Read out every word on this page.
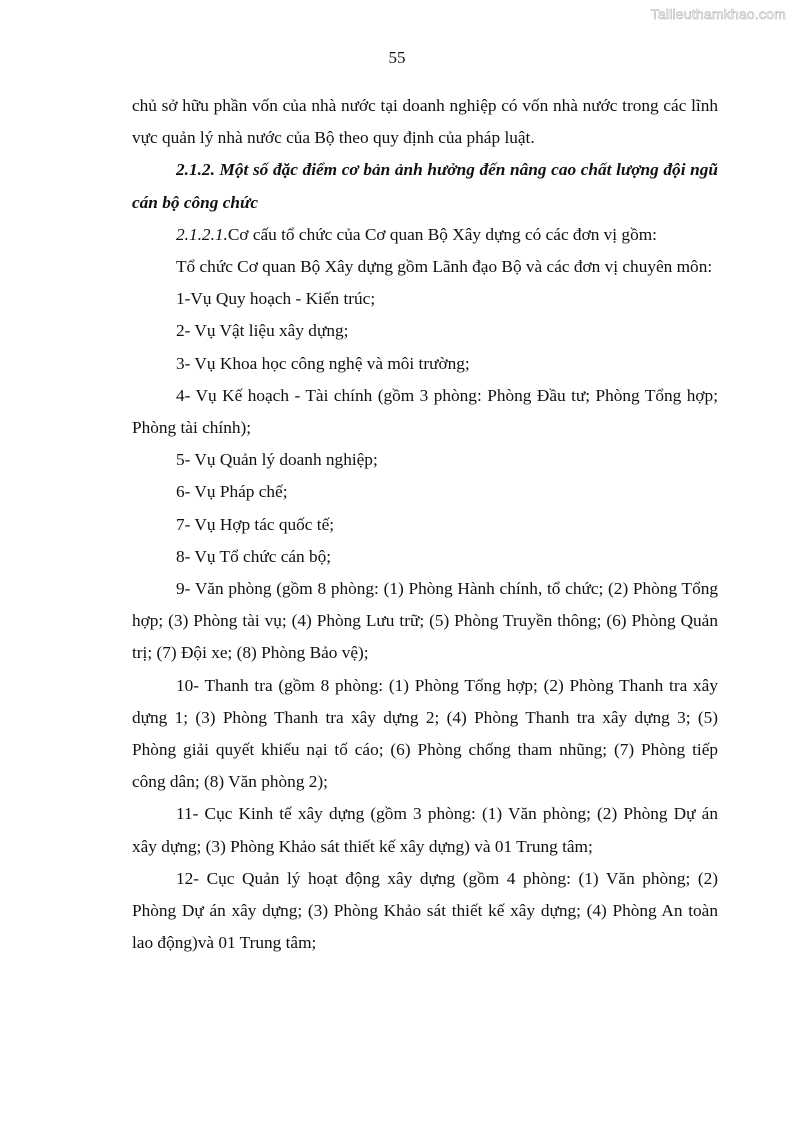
Tailieuthamkhao.com
55

chủ sở hữu phần vốn của nhà nước tại doanh nghiệp có vốn nhà nước trong các lĩnh vực quản lý nhà nước của Bộ theo quy định của pháp luật.

2.1.2. Một số đặc điểm cơ bản ảnh hưởng đến nâng cao chất lượng đội ngũ cán bộ công chức

2.1.2.1.Cơ cấu tổ chức của Cơ quan Bộ Xây dựng có các đơn vị gồm:

Tổ chức Cơ quan Bộ Xây dựng gồm Lãnh đạo Bộ và các đơn vị chuyên môn:

1-Vụ Quy hoạch - Kiến trúc;

2- Vụ Vật liệu xây dựng;

3- Vụ Khoa học công nghệ và môi trường;

4- Vụ Kế hoạch - Tài chính (gồm 3 phòng: Phòng Đầu tư; Phòng Tổng hợp; Phòng tài chính);

5- Vụ Quản lý doanh nghiệp;

6- Vụ Pháp chế;

7- Vụ Hợp tác quốc tế;

8- Vụ Tổ chức cán bộ;

9- Văn phòng (gồm 8 phòng: (1) Phòng Hành chính, tổ chức; (2) Phòng Tổng hợp; (3) Phòng tài vụ; (4) Phòng Lưu trữ; (5) Phòng Truyền thông; (6) Phòng Quản trị; (7) Đội xe; (8) Phòng Bảo vệ);

10- Thanh tra (gồm 8 phòng: (1) Phòng Tổng hợp; (2) Phòng Thanh tra xây dựng 1; (3) Phòng Thanh tra xây dựng 2; (4) Phòng Thanh tra xây dựng 3; (5) Phòng giải quyết khiếu nại tố cáo; (6) Phòng chống tham nhũng; (7) Phòng tiếp công dân; (8) Văn phòng 2);

11- Cục Kinh tế xây dựng (gồm 3 phòng: (1) Văn phòng; (2) Phòng Dự án xây dựng; (3) Phòng Khảo sát thiết kế xây dựng) và 01 Trung tâm;

12- Cục Quản lý hoạt động xây dựng (gồm 4 phòng: (1) Văn phòng; (2) Phòng Dự án xây dựng; (3) Phòng Khảo sát thiết kế xây dựng; (4) Phòng An toàn lao động)và 01 Trung tâm;
